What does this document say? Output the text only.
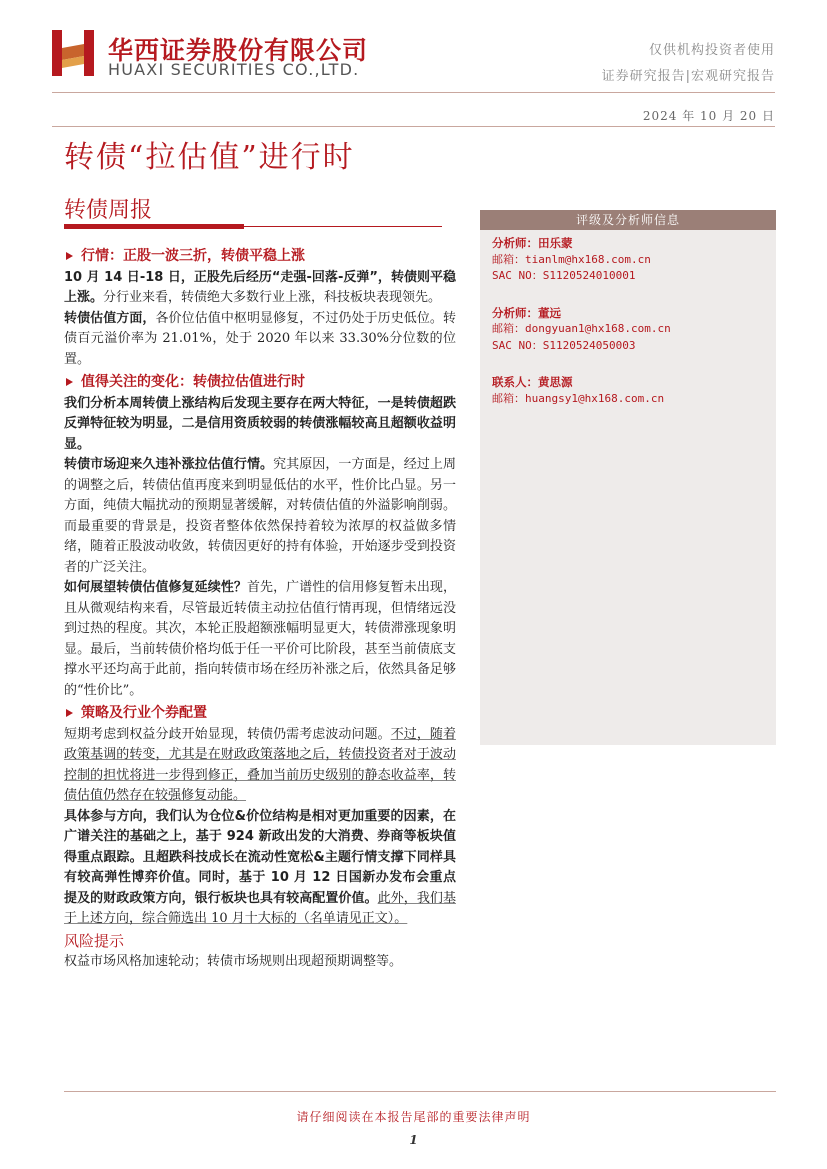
华西证券股份有限公司
HUAXI SECURITIES CO.,LTD.
仅供机构投资者使用
证券研究报告|宏观研究报告
2024 年 10 月 20 日
转债“拉估值”进行时
转债周报
行情：正股一波三折，转债平稳上涨

10 月 14 日-18 日，正股先后经历“走强-回落-反弹”，转债则平稳上涨。分行业来看，转债绝大多数行业上涨，科技板块表现领先。

转债估值方面，各价位估值中枢明显修复，不过仍处于历史低位。转债百元溢价率为 21.01%，处于 2020 年以来 33.30%分位数的位置。

值得关注的变化：转债拉估值进行时

我们分析本周转债上涨结构后发现主要存在两大特征，一是转债超跌反弹特征较为明显，二是信用资质较弱的转债涨幅较高且超额收益明显。

转债市场迎来久违补涨拉估值行情。究其原因，一方面是，经过上周的调整之后，转债估值再度来到明显低估的水平，性价比凸显。另一方面，纯债大幅扰动的预期显著缓解，对转债估值的外溢影响削弱。而最重要的背景是，投资者整体依然保持着较为浓厚的权益做多情绪，随着正股波动收敛，转债因更好的持有体验，开始逐步受到投资者的广泛关注。

如何展望转债估值修复延续性？首先，广谱性的信用修复暂未出现，且从微观结构来看，尽管最近转债主动拉估值行情再现，但情绪远没到过热的程度。其次，本轮正股超额涨幅明显更大，转债滞涨现象明显。最后，当前转债价格均低于任一平价可比阶段，甚至当前债底支撑水平还均高于此前，指向转债市场在经历补涨之后，依然具备足够的“性价比”。

策略及行业个券配置

短期考虑到权益分歧开始显现，转债仍需考虑波动问题。不过，随着政策基调的转变，尤其是在财政政策落地之后，转债投资者对于波动控制的担忧将进一步得到修正，叠加当前历史级别的静态收益率，转债估值仍然存在较强修复动能。

具体参与方向，我们认为仓位&价位结构是相对更加重要的因素，在广谱关注的基础之上，基于 924 新政出发的大消费、券商等板块值得重点跟踪。且超跌科技成长在流动性宽松&主题行情支撑下同样具有较高弹性博弈价值。同时，基于 10 月 12 日国新办发布会重点提及的财政政策方向，银行板块也具有较高配置价值。此外，我们基于上述方向，综合筛选出 10 月十大标的（名单请见正文）。

风险提示

权益市场风格加速轮动；转债市场规则出现超预期调整等。

评级及分析师信息
分析师：田乐蒙
邮箱：tianlm@hx168.com.cn
SAC NO：S1120524010001
分析师：董远
邮箱：dongyuan1@hx168.com.cn
SAC NO：S1120524050003
联系人：黄思源
邮箱：huangsy1@hx168.com.cn
请仔细阅读在本报告尾部的重要法律声明
1
